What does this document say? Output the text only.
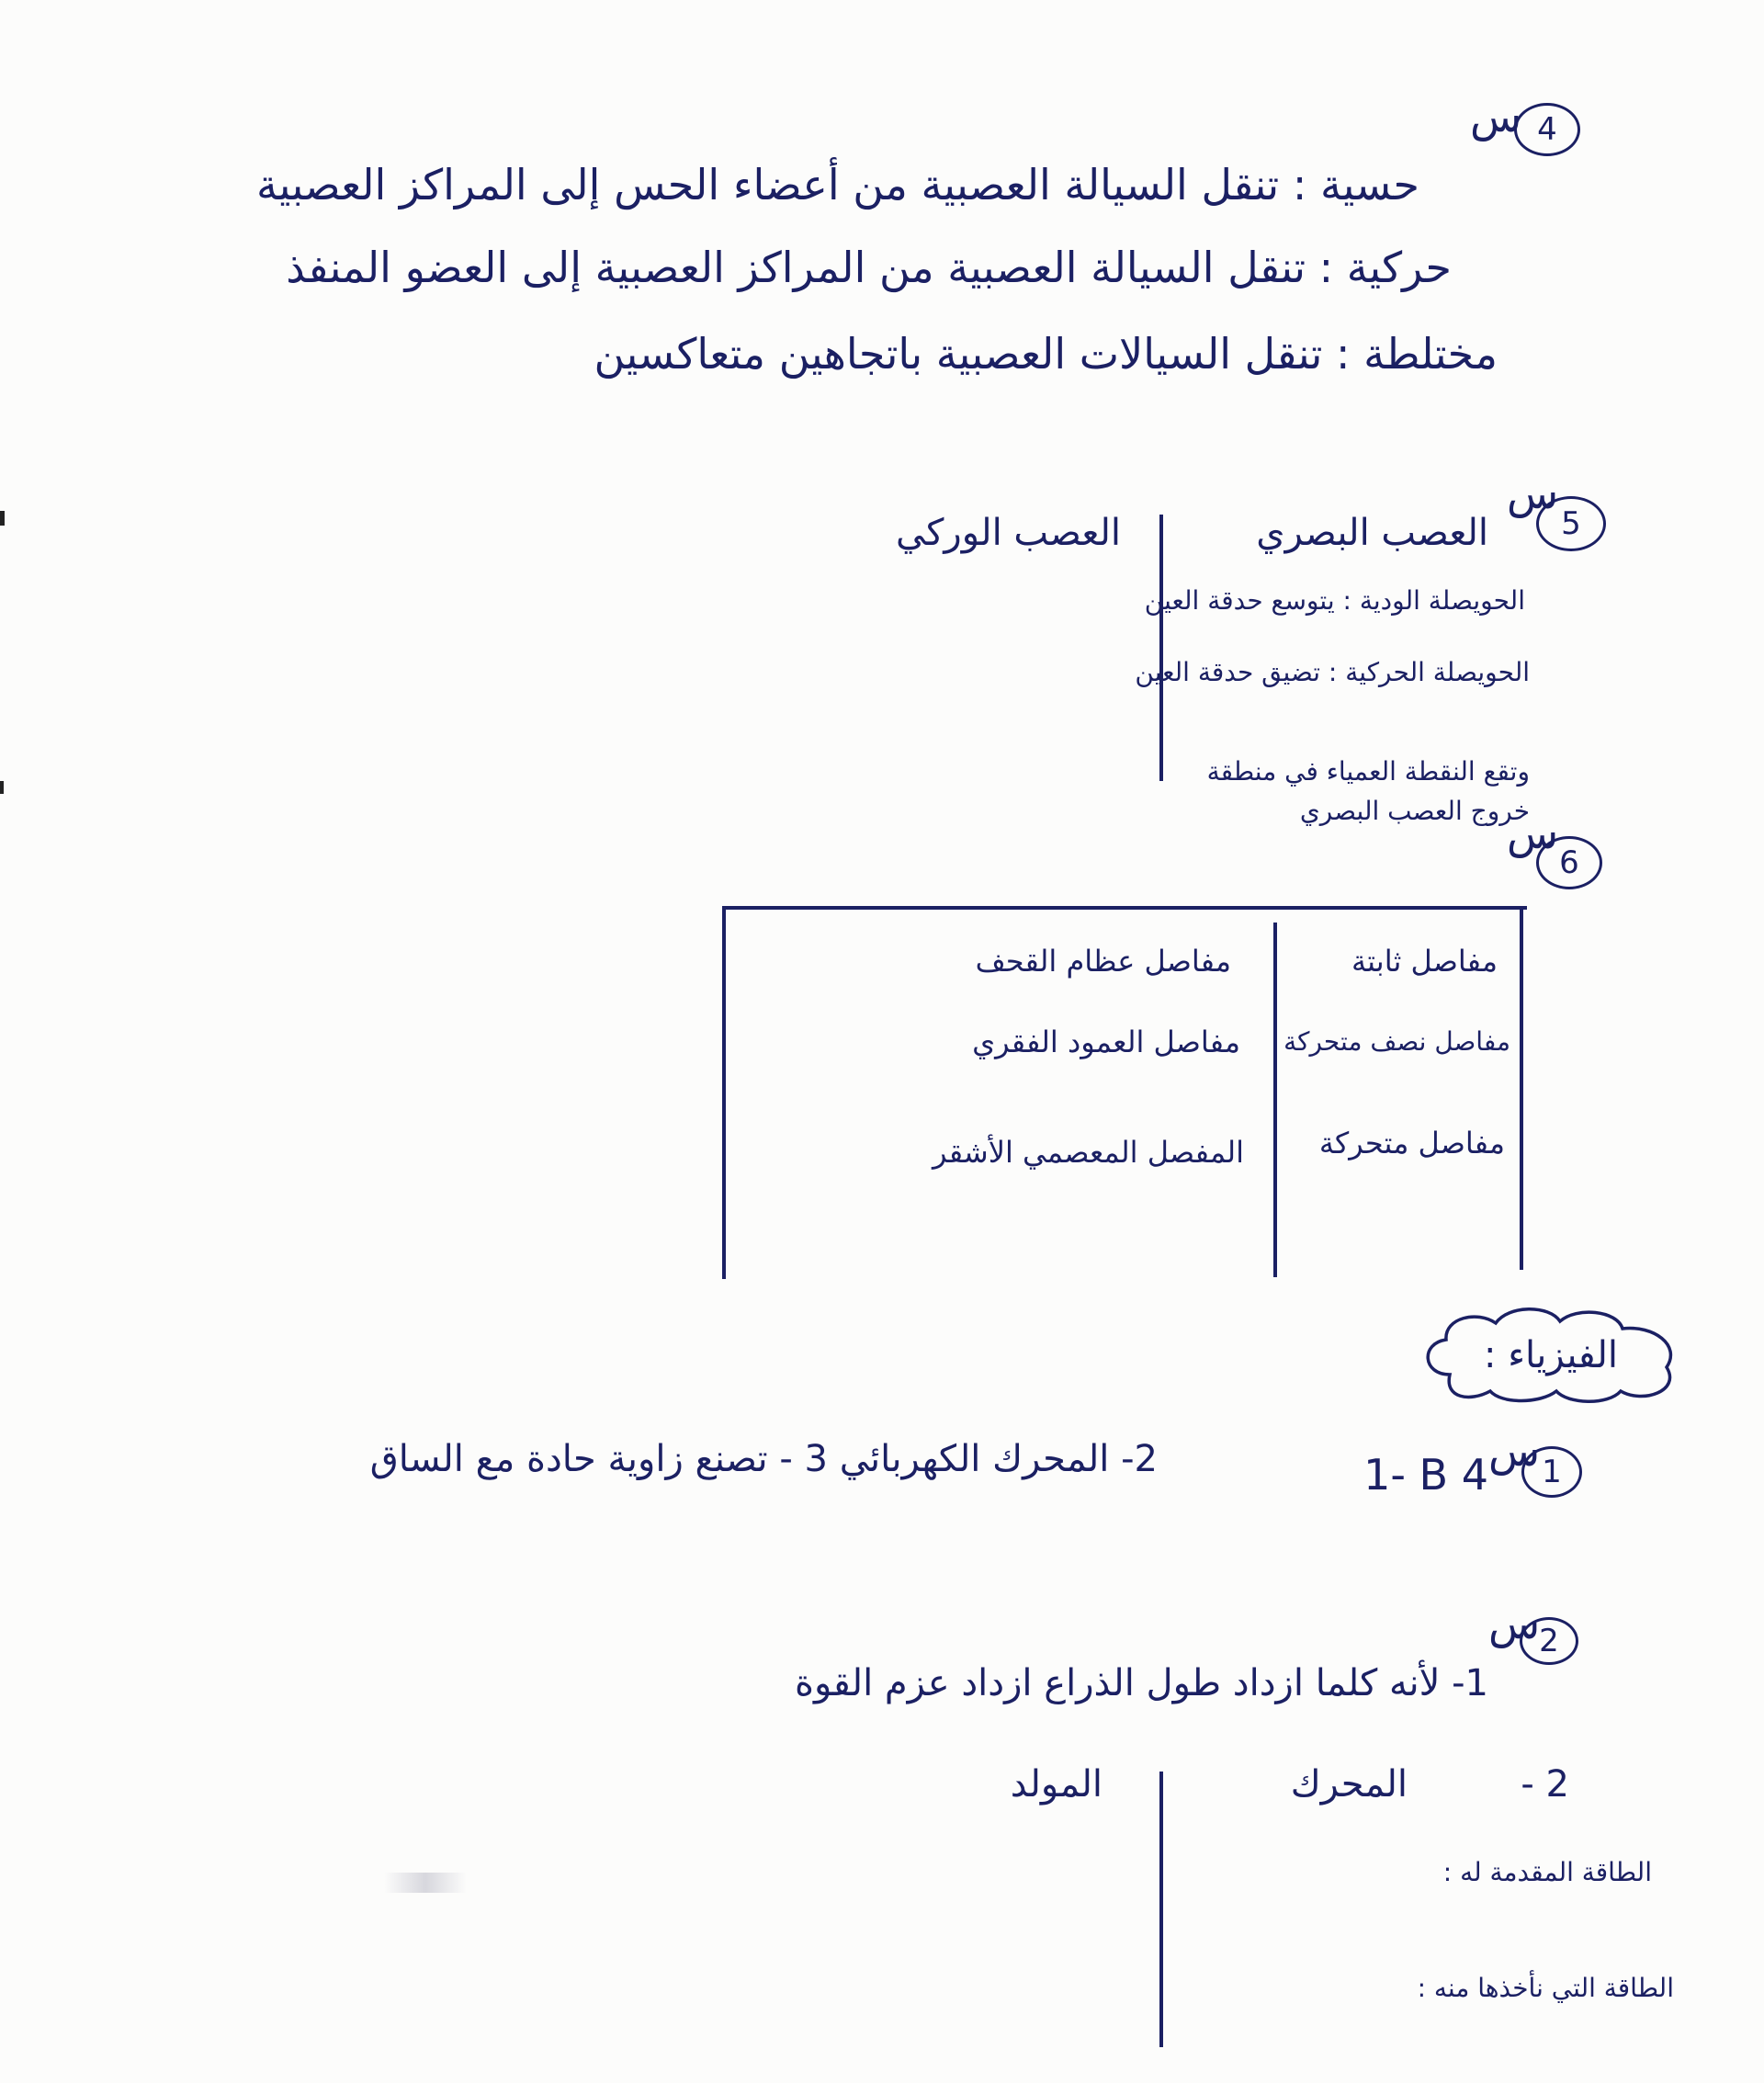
س 4
حسية : تنقل السيالة العصبية من أعضاء الحس إلى المراكز العصبية
حركية : تنقل السيالة العصبية من المراكز العصبية إلى العضو المنفذ
مختلطة : تنقل السيالات العصبية باتجاهين متعاكسين
س
5
العصب البصري
العصب الوركي
الحويصلة الودية : يتوسع حدقة العين
الحويصلة الحركية : تضيق حدقة العين
وتقع النقطة العمياء في منطقة خروج العصب البصري
س
6
مفاصل ثابتة
مفاصل عظام القحف
مفاصل نصف متحركة
مفاصل العمود الفقري
مفاصل متحركة
المفصل المعصمي الأشقر
الفيزياء :
س 1
1- B 4
2- المحرك الكهربائي 3 - تصنع زاوية حادة مع الساق
س 2
1- لأنه كلما ازداد طول الذراع ازداد عزم القوة
2 -
المحرك
المولد
الطاقة المقدمة له :
الطاقة التي نأخذها منه :
